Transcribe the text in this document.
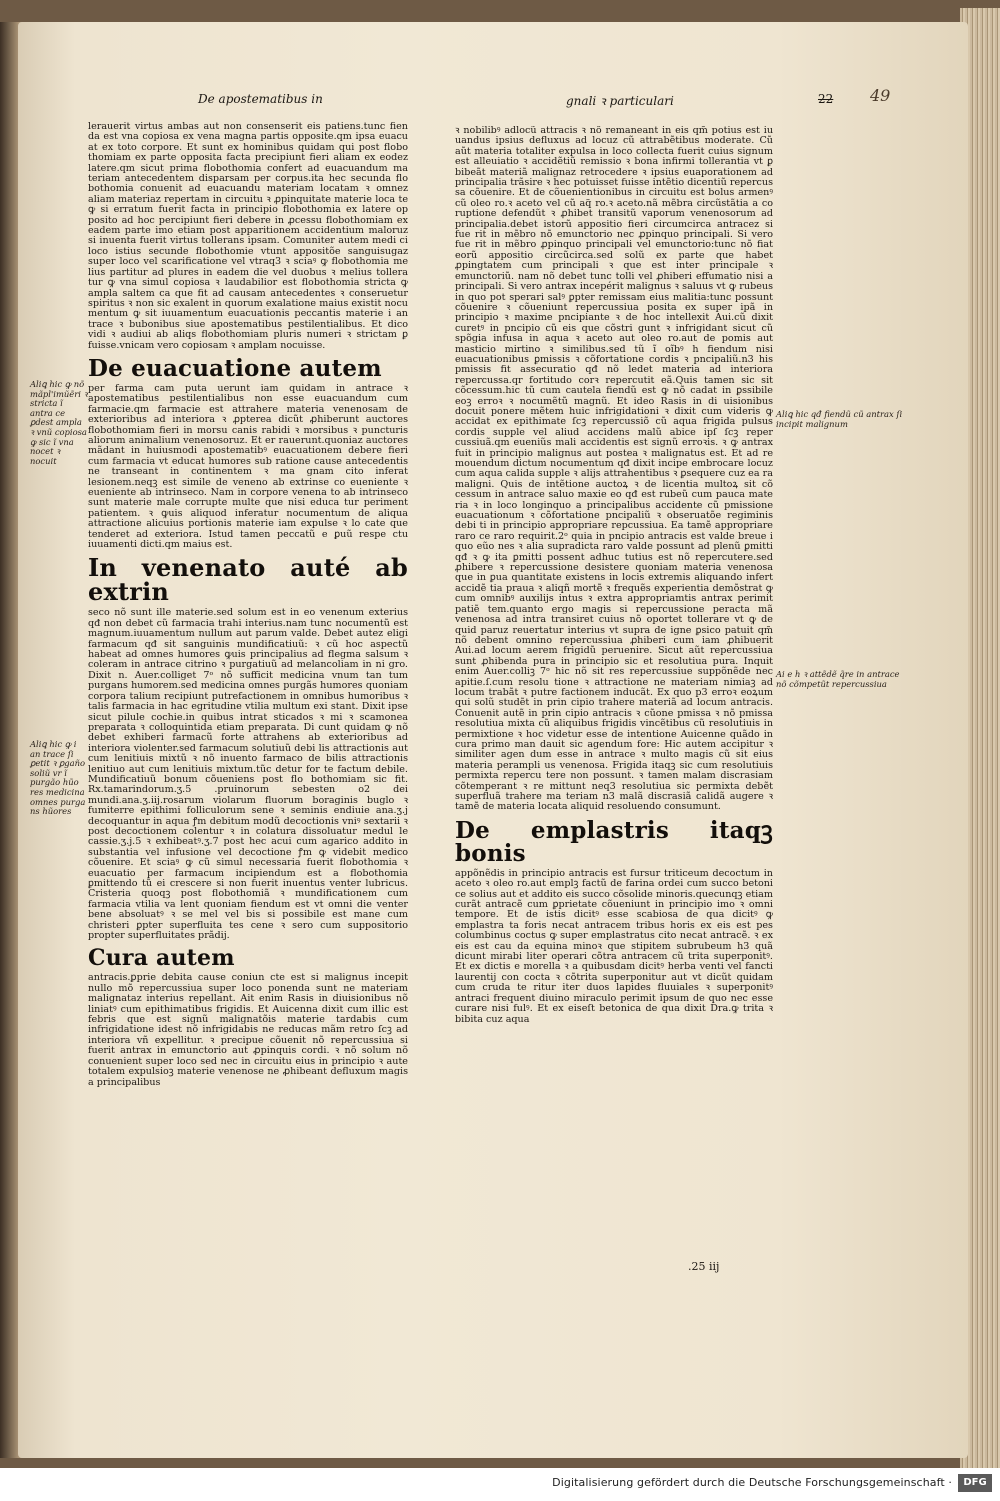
De apostematibus in	gnali ꝛ particulari	22 49

lerauerit virtus ambas aut non consenserit eis patiens.tunc fien da est vna copiosa ex vena magna partis opposite.qm ipsa euacu at ex toto corpore. Et sunt ex hominibus quidam qui post flobo thomiam ex parte opposita facta precipiunt fieri aliam ex eodez latere.qm sicut prima flobothomia confert ad euacuandum ma teriam antecedentem disparsam per corpus.ita hec secunda flo bothomia conuenit ad euacuandu materiam locatam ꝛ omnez aliam materiaz repertam in circuitu ꝛ ꝓpinquitate materie loca te ꝙ si erratum fuerit facta in principio flobothomia ex latere op posito ad hoc percipiunt fieri debere in ꝓcessu flobothomiam ex eadem parte imo etiam post apparitionem accidentium maloruz si inuenta fuerit virtus tollerans ipsam. Comuniter autem medi ci loco istius secunde flobothomie vtunt appositõe sanguisugaz super loco vel scarificatione vel vtraq3 ꝛ sciaꝰ ꝙ flobothomia me lius partitur ad plures in eadem die vel duobus ꝛ melius tollera tur ꝙ vna simul copiosa ꝛ laudabilior est flobothomia stricta ꝙ ampla saltem ca que fit ad causam antecedentes ꝛ conseruetur spiritus ꝛ non sic exalent in quorum exalatione maius existit nocu mentum ꝙ sit iuuamentum euacuationis peccantis materie i an trace ꝛ bubonibus siue apostematibus pestilentialibus. Et dico vidi ꝛ audiui ab aliqs flobothomiam pluris numeri ꝛ strictam ꝑ fuisse.vnicam vero copiosam ꝛ amplam nocuisse.

De euacuatione autem

per farma cam puta uerunt iam quidam in antrace ꝛ apostematibus pestilentialibus non esse euacuandum cum farmacie.qm farmacie est attrahere materia venenosam de exterioribus ad interiora ꝛ ꝓptereа dicũt ꝓhiberunt auctores flobothomiam fieri in morsu canis rabidi ꝛ morsibus ꝛ puncturis aliorum animalium venenosoruz. Et er rauerunt.quoniaz auctores mãdant in huiusmodi apostematibꝰ euacuationem debere fieri cum farmacia vt educat humores sub ratione cause antecedentis ne transeant in continentem ꝛ ma gnam cito inferat lesionem.neqꝫ est simile de veneno ab extrinse co eueniente ꝛ eueniente ab intrinseco. Nam in corpore venena to ab intrinseco sunt materie male corrupte multe que nisi educa tur periment patientem. ꝛ ꝙuis aliquod inferatur nocumentum de aliqua attractione alicuius portionis materie iam expulse ꝛ lo cate que tenderet ad exteriora. Istud tamen peccatũ e ꝑuũ respe ctu iuuamenti dicti.qm maius est.

In venenato auté ab extrin

seco nõ sunt ille materie.sed solum est in eo venenum exterius qđ non debet cũ farmacia trahi interius.nam tunc nocumentũ est magnum.iuuamentum nullum aut parum valde. Debet autez eligi farmacum qđ sit sanguinis mundificatiuũ: ꝛ cũ hoc aspectũ habeat ad omnes humores ꝙuis principalius ad flegma salsum ꝛ coleram in antrace citrino ꝛ purgatiuũ ad melancoliam in ni gro. Dixit n. Auer.colliget 7ᵒ nõ sufficit medicina vnum tan tum purgans humorem.sed medicina omnes purgãs humores quoniam corpora talium recipiunt putrefactionem in omnibus humoribus ꝛ talis farmacia in hac egritudine vtilia multum exi stant. Dixit ipse sicut pilule cochie.in quibus intrat sticados ꝛ mi ꝛ scamonea preparata ꝛ colloquintida etiam preparata. Di cunt quidam ꝙ nõ debet exhiberi farmacũ forte attrahens ab exterioribus ad interiora violenter.sed farmacum solutiuũ debi lis attractionis aut cum lenitiuis mixtũ ꝛ nõ inuento farmaco de bilis attractionis lenitiuo aut cum lenitiuis mixtum.tũc detur for te factum debile. Mundificatiuũ bonum cõueniens post flo bothomiam sic fit. Rx.tamarindorum.ʒ.5 .pruinorum sebesten o2 dei mundi.ana.ʒ.iij.rosarum violarum fluorum boraginis buglo ꝛ fumiterre epithimi folliculorum sene ꝛ seminis endiuie ana.ʒ.j decoquantur in aqua ꝭm debitum modũ decoctionis vniꝰ sextarii ꝛ post decoctionem colentur ꝛ in colatura dissoluatur medul le cassie.ʒ.j.5 ꝛ exhibeatꝰ.ʒ.7 post hec acui cum agarico addito in substantia vel infusione vel decoctione ꝭm ꝙ videbit medico cõuenire. Et sciaꝰ ꝙ cũ simul necessaria fuerit flobothomia ꝛ euacuatio per farmacum incipiendum est a flobothomia ꝑmittendo tũ ei crescere si non fuerit inuentus venter lubricus. Cristeria quoqꝫ post flobothomiã ꝛ mundificationem cum farmacia vtilia va lent quoniam fiendum est vt omni die venter bene absoluatꝰ ꝛ se mel vel bis si possibile est mane cum christeri ꝑpter superfluita tes cene ꝛ sero cum suppositorio propter superfluitates prãdij.

Cura autem

antracis.ꝑprie debita cause coniun cte est si malignus incepit nullo mõ repercussiua super loco ponenda sunt ne materiam malignataz interius repellant. Ait enim Rasis in diuisionibus nõ liniatꝰ cum epithimatibus frigidis. Et Auicenna dixit cum illic est febris que est signũ malignatõis materie tardabis cum infrigidatione idest nõ infrigidabis ne reducas mãm retro ſcꝫ ad interiora vñ expellitur. ꝛ precipue cõuenit nõ repercussiua si fuerit antrax in emunctorio aut ꝓpinquis cordi. ꝛ nõ solum nõ conuenient super loco sed nec in circuitu eius in principio ꝛ aute totalem expulsioꝫ materie venenose ne ꝓhibeant defluxum magis a principalibus

ꝛ nobilibꝰ adlocũ attracis ꝛ nõ remaneant in eis qm̃ potius est iu uandus ipsius defluxus ad locuz cũ attrabẽtibus moderate. Cũ aũt materia totaliter expulsa in loco collecta fuerit cuius signum est alleuiatio ꝛ accidẽtiũ remissio ꝛ bona infirmi tollerantia vt ꝑ bibeãt materiã malignaz retrocedere ꝛ ipsius euaporationem ad principalia trãsire ꝛ hec potuisset fuisse intẽtio dicentiũ repercus sa cõuenire. Et de cõuenientionibus in circuitu est bolus armenꝰ cũ oleo ro.ꝛ aceto vel cũ aq̃ ro.ꝛ aceto.nã mẽbra circũstãtia a co ruptione defendũt ꝛ ꝓhibet transitũ vaporum venenosorum ad principalia.debet istorũ appositio fieri circumcirca antracez si fue rit in mẽbro nõ emunctorio nec ꝓpinquo principali. Si vero fue rit in mẽbro ꝓpinquo principali vel emunctorio:tunc nõ fiat eorũ appositio circũcirca.sed solũ ex parte que habet ꝓpingtatem cum principali ꝛ que est inter principale ꝛ emunctoriũ. nam nõ debet tunc tolli vel ꝓhiberi effumatio nisi a principali. Si vero antrax incepérit malignus ꝛ saluus vt ꝙ rubeus in quo pot sperari salꝰ ꝑpter remissam eius malitia:tunc possunt cõuenire ꝛ cõueniunt repercussiua posita ex super ipã in principio ꝛ maxime pncipiante ꝛ de hoc intellexit Aui.cũ dixit curetꝰ in pncipio cũ eis que cõstri gunt ꝛ infrigidant sicut cũ spõgia infusa in aqua ꝛ aceto aut oleo ro.aut de pomis aut masticio mirtino ꝛ similibus.sed tũ ĩ oĩbꝰ h fiendum nisi euacuationibus ꝑmissis ꝛ cõfortatione cordis ꝛ pncipaliũ.n3 his pmissis fit assecuratio qđ nõ ledet materia ad interiora repercussa.qr fortitudo corꝛ repercutit eã.Quis tamen sic sit cõcessum.hic tũ cum cautela fiendũ est ꝙ nõ cadat in ꝑssibile eoꝫ erroꝛ ꝛ nocumẽtũ magnũ. Et ideo Rasis in di uisionibus docuit ponere mẽtem huic infrigidationi ꝛ dixit cum videris ꝙ accidat ex epithimate ſcꝫ repercussiõ cũ aqua frigida pulsus cordis supple vel aliud accidens malũ abice ipſ ſcꝫ reper cussiuã.qm eueniũs mali accidentis est signũ erroꝛis. ꝛ ꝙ antrax fuit in principio malignus aut postea ꝛ malignatus est. Et ad re mouendum dictum nocumentum qđ dixit incipe embrocare locuz cum aqua calida supple ꝛ alijs attrahentibus ꝛ ꝑsequere cuz ea ra maligni. Quis de intẽtione auctoꝝ ꝛ de licentia multoꝝ sit cõ cessum in antrace saluo maxie eo qđ est rubeũ cum pauca mate ria ꝛ in loco longinquo a principalibus accidente cũ pmissione euacuationum ꝛ cõfortatione pncipaliũ ꝛ obseruatõe regiminis debi ti in principio appropriare repcussiua. Ea tamẽ appropriare raro ce raro requirit.2ᵒ quia in pncipio antracis est valde breue i quo eũo nes ꝛ alia supradicta raro valde possunt ad plenũ ꝑmitti qđ ꝛ ꝙ ita ꝑmitti possent adhuc tutius est nõ repercutere.sed ꝓhibere ꝛ repercussione desistere quoniam materia venenosa que in ꝑua quantitate existens in locis extremis aliquando infert accidẽ tia praua ꝛ aliqñ mortẽ ꝛ frequẽs experientia demõstrat ꝙ cum omnibꝰ auxilijs intus ꝛ extra appropriamtis antrax perimit patiẽ tem.quanto ergo magis si repercussione peracta mã venenosa ad intra transiret cuius nõ oportet tollerare vt ꝙ de quid paruz reuertatur interius vt supra de igne ꝑsico patuit qm̃ nõ debent omnino repercussiua ꝓhiberi cum iam ꝓhibuerit Aui.ad locum aerem frigidũ peruenire. Sicut aũt repercussiua sunt ꝓhibenda pura in principio sic et resolutiua pura. Inquit enim Auer.colliꝫ 7ᵒ hic nõ sit res repercussiue suppõnẽde nec apitie.ſ.cum resolu tione ꝛ attractione ne materiam nimiaꝫ ad locum trabãt ꝛ putre factionem inducãt. Ex quo p3 erroꝛ eoꝝum qui solũ studẽt in prin cipio trahere materiã ad locum antracis. Conuenit autẽ in prin cipio antracis ꝛ cũone pmissa ꝛ nõ pmissa resolutiua mixta cũ aliquibus frigidis vincẽtibus cũ resolutiuis in permixtione ꝛ hoc videtur esse de intentione Auicenne quãdo in cura primo man dauit sic agendum fore: Hic autem accipitur ꝛ similiter agen dum esse in antrace ꝛ multo magis cũ sit eius materia perampli us venenosa. Frigida itaqꝫ sic cum resolutiuis permixta repercu tere non possunt. ꝛ tamen malam discrasiam cõtemperant ꝛ re mittunt neq3 resolutiua sic permixta debẽt superfluã trahere ma teriam n3 malã discrasiã calidã augere ꝛ tamẽ de materia locata aliquid resoluendo consumunt.

De emplastris itaqꝫ bonis

appõnẽdis in principio antracis est fursur triticeum decoctum in aceto ꝛ oleo ro.aut emplꝫ factũ de farina ordei cum succo betoni ce solius aut et addito eis succo cõsolide minoris.quecunqꝫ etiam curãt antracẽ cum ꝑprietate cõueniunt in principio imo ꝛ omni tempore. Et de istis dicitꝰ esse scabiosa de qua dicitꝰ ꝙ emplastra ta foris necat antracem tribus horis ex eis est pes columbinus coctus ꝙ super emplastratus cito necat antracẽ. ꝛ ex eis est cau da equina minoꝛ que stipitem subrubeum h3 quã dicunt mirabi liter operari cõtra antracem cũ trita superponitꝰ. Et ex dictis e morella ꝛ a quibusdam dicitꝰ herba venti vel fancti laurentij con cocta ꝛ cõtrita superponitur aut vt dicũt quidam cum cruda te ritur iter duos lapides fluuiales ꝛ superponitꝰ antraci frequent diuino miraculo perimit ipsum de quo nec esse curare nisi fulꝰ. Et ex eiseſt betonica de qua dixit Dra.ꝙ trita ꝛ bibita cuz aqua

.25 iij
Aliꝗ hic ꝙ nõ mãpl'imũẽri ꝛ stricta ĩ antra ce ꝑdest ampla ꝛ vnũ copiosa ꝙ sic ĩ vna nocet ꝛ nocuit
Aliꝗ hic ꝙ i an trace ſi ꝑetit ꝛ ꝑgaño soliũ vr ĩ purgão hũo res medicina omnes purga ns hũores
Aliꝗ hic qđ fiendũ cũ antrax ſi incipit malignum
Ai e h ꝛ attẽdẽ q̃re in antrace nõ cõmpetũt repercussiua
Digitalisierung gefördert durch die Deutsche Forschungsgemeinschaft ·	DFG
